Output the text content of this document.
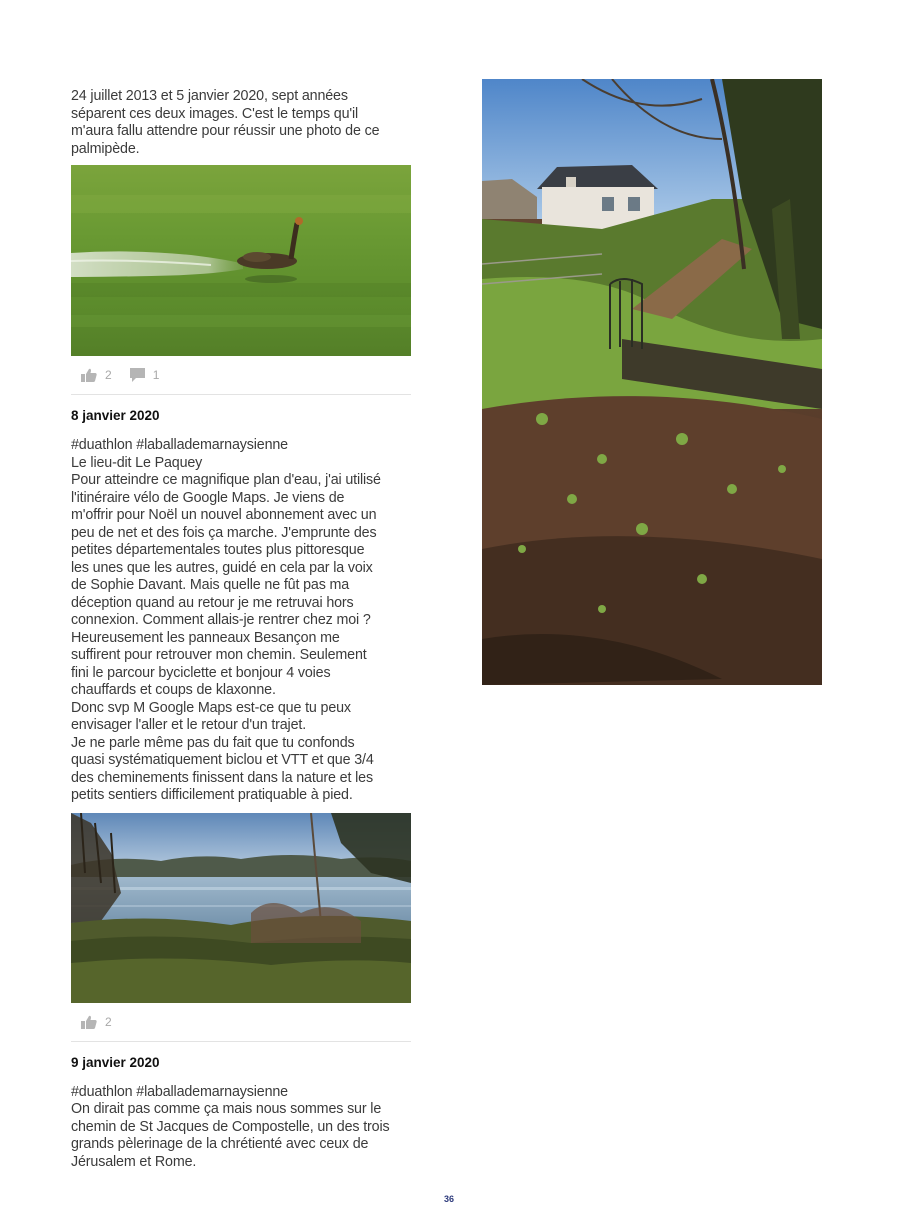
24 juillet 2013 et 5 janvier 2020, sept années

séparent ces deux images. C'est le temps qu'il

m'aura fallu attendre pour réussir une photo de ce

palmipède.

2	1
8 janvier 2020

#duathlon #laballademarnaysienne

Le lieu-dit Le Paquey

Pour atteindre ce magnifique plan d'eau, j'ai utilisé

l'itinéraire vélo de Google Maps. Je viens de

m'offrir pour Noël un nouvel abonnement avec un

peu de net et des fois ça marche. J'emprunte des

petites départementales toutes plus pittoresque

les unes que les autres, guidé en cela par la voix

de Sophie Davant. Mais quelle ne fût pas ma

déception quand au retour je me retruvai hors

connexion. Comment allais-je rentrer chez moi ?

Heureusement les panneaux Besançon me

suffirent pour retrouver mon chemin. Seulement

fini le parcour byciclette et bonjour 4 voies

chauffards et coups de klaxonne.

Donc svp M Google Maps est-ce que tu peux

envisager l'aller et le retour d'un trajet.

Je ne parle même pas du fait que tu confonds

quasi systématiquement biclou et VTT et que 3/4

des cheminements finissent dans la nature et les

petits sentiers difficilement pratiquable à pied.

2
9 janvier 2020

#duathlon #laballademarnaysienne

On dirait pas comme ça mais nous sommes sur le

chemin de St Jacques de Compostelle, un des trois

grands pèlerinage de la chrétienté avec ceux de

Jérusalem et Rome.

36
